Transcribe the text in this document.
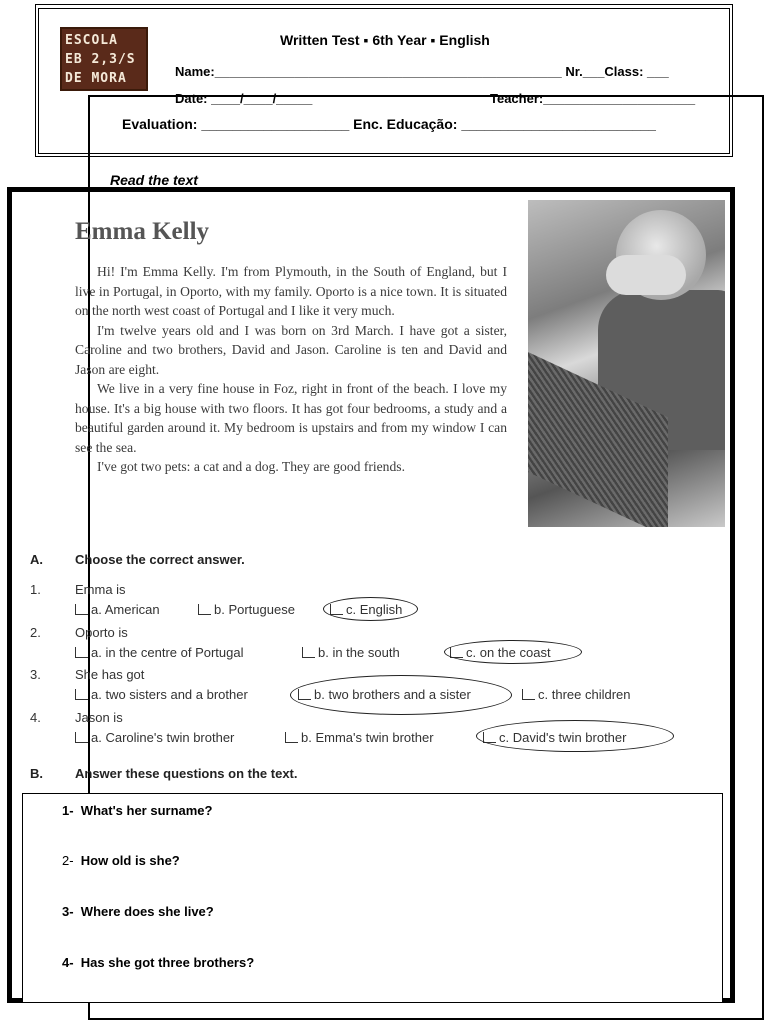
ESCOLA
EB 2,3/S
DE MORA
Written Test ▪ 6th Year ▪ English
Name:________________________________________________ Nr.___Class: ___
Date: ____/____/_____	Teacher:_____________________
Evaluation: ___________________ Enc. Educação: _________________________
Read the text
Emma Kelly

Hi! I'm Emma Kelly. I'm from Plymouth, in the South of England, but I live in Portugal, in Oporto, with my family. Oporto is a nice town. It is situated on the north west coast of Portugal and I like it very much.

I'm twelve years old and I was born on 3rd March. I have got a sister, Caroline and two brothers, David and Jason. Caroline is ten and David and Jason are eight.

We live in a very fine house in Foz, right in front of the beach. I love my house. It's a big house with two floors. It has got four bedrooms, a study and a beautiful garden around it. My bedroom is upstairs and from my window I can see the sea.

I've got two pets: a cat and a dog. They are good friends.

A. Choose the correct answer.
1.	Emma is
a. American	b. Portuguese	c. English
2.	Oporto is
a. in the centre of Portugal	b. in the south	c. on the coast
3.	She has got
a. two sisters and a brother	b. two brothers and a sister	c. three children
4.	Jason is
a. Caroline's twin brother	b. Emma's twin brother	c. David's twin brother
B. Answer these questions on the text.
1- What's her surname?
2- How old is she?
3- Where does she live?
4- Has she got three brothers?
